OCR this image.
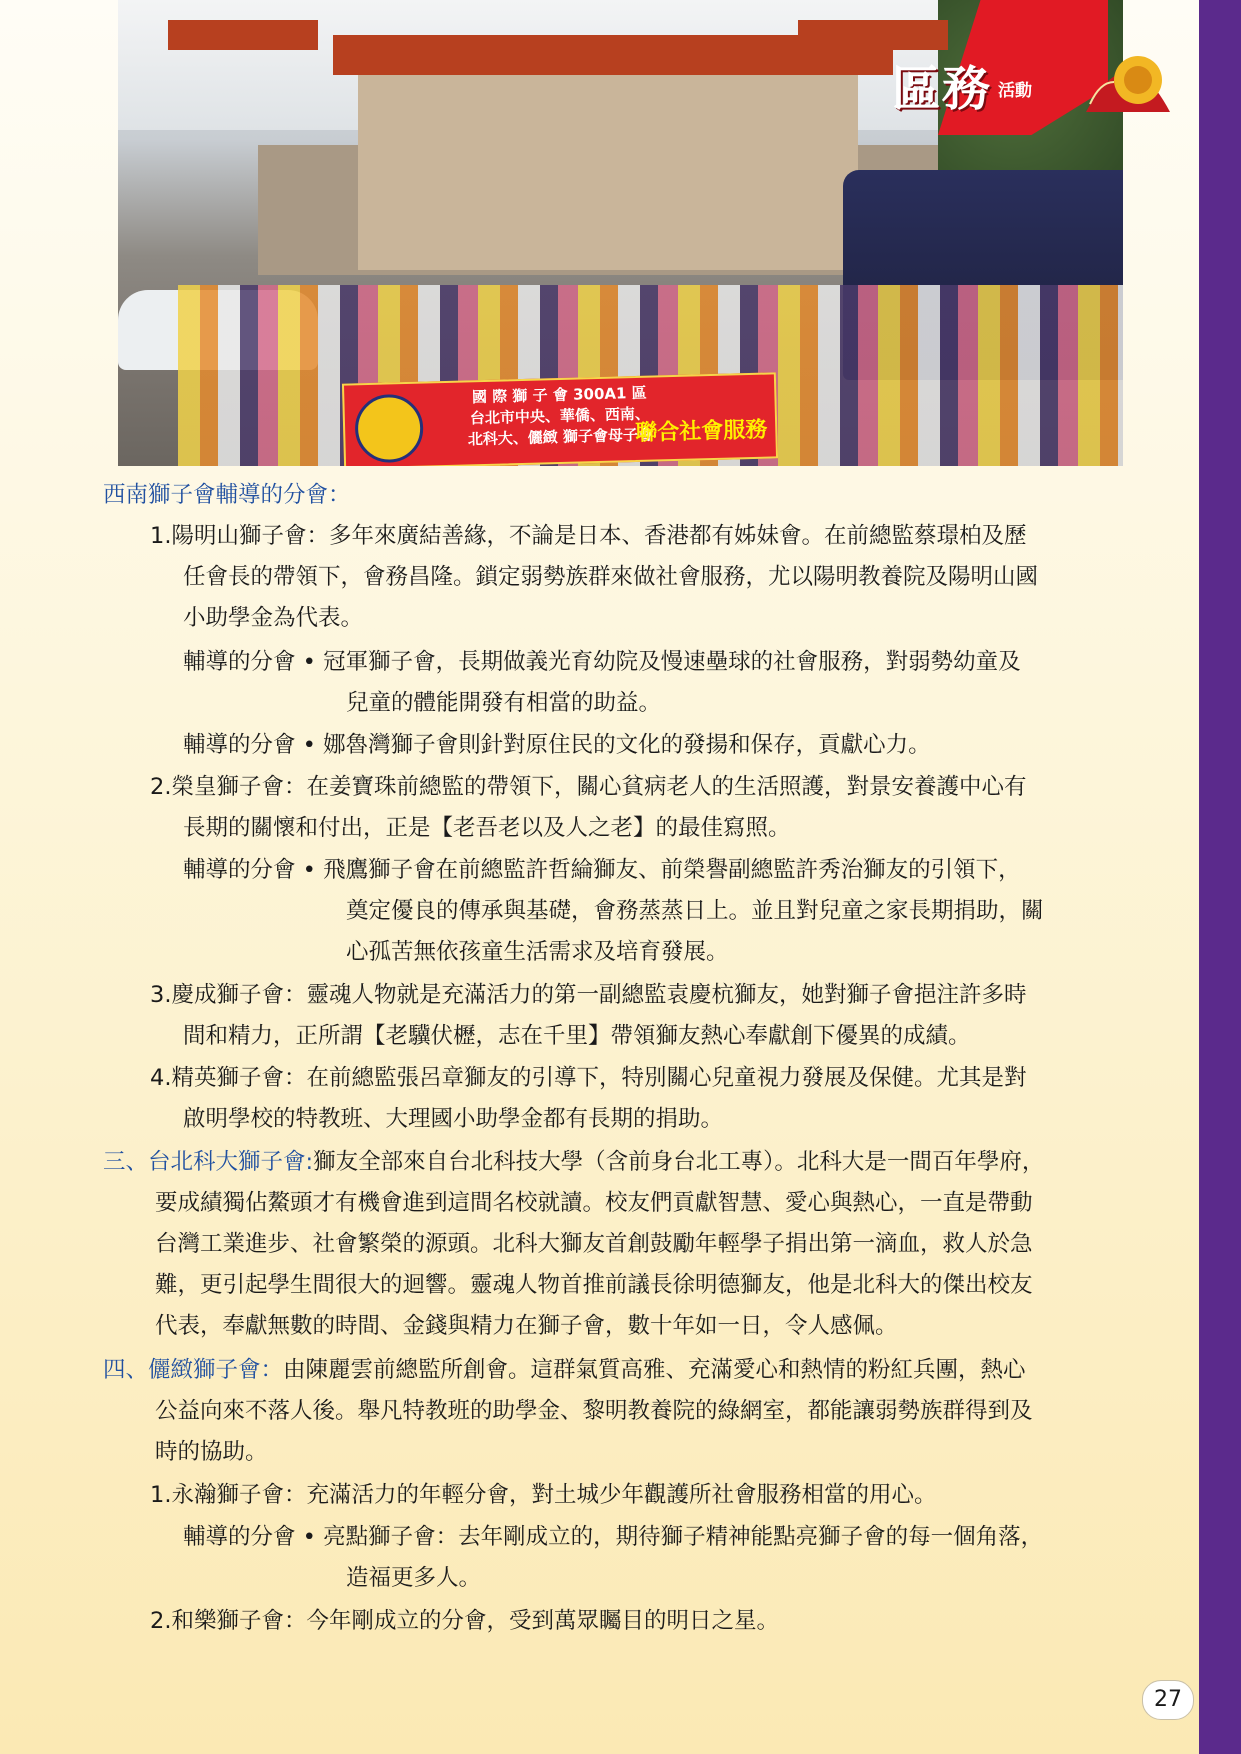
國 際 獅 子 會 300A1 區
台北市中央、華僑、西南、
北科大、儷緻 獅子會母子會
聯合社會服務
區務 活動
西南獅子會輔導的分會：
1.陽明山獅子會：多年來廣結善緣，不論是日本、香港都有姊妹會。在前總監蔡璟柏及歷
任會長的帶領下，會務昌隆。鎖定弱勢族群來做社會服務，尤以陽明教養院及陽明山國
小助學金為代表。
輔導的分會 • 冠軍獅子會，長期做義光育幼院及慢速壘球的社會服務，對弱勢幼童及
兒童的體能開發有相當的助益。
輔導的分會 • 娜魯灣獅子會則針對原住民的文化的發揚和保存，貢獻心力。
2.榮皇獅子會：在姜寶珠前總監的帶領下，關心貧病老人的生活照護，對景安養護中心有
長期的關懷和付出，正是【老吾老以及人之老】的最佳寫照。
輔導的分會 • 飛鷹獅子會在前總監許哲綸獅友、前榮譽副總監許秀治獅友的引領下，
奠定優良的傳承與基礎，會務蒸蒸日上。並且對兒童之家長期捐助，關
心孤苦無依孩童生活需求及培育發展。
3.慶成獅子會：靈魂人物就是充滿活力的第一副總監袁慶杭獅友，她對獅子會挹注許多時
間和精力，正所謂【老驥伏櫪，志在千里】帶領獅友熱心奉獻創下優異的成績。
4.精英獅子會：在前總監張呂章獅友的引導下，特別關心兒童視力發展及保健。尤其是對
啟明學校的特教班、大理國小助學金都有長期的捐助。
三、台北科大獅子會:獅友全部來自台北科技大學（含前身台北工專）。北科大是一間百年學府，
要成績獨佔鰲頭才有機會進到這間名校就讀。校友們貢獻智慧、愛心與熱心，一直是帶動
台灣工業進步、社會繁榮的源頭。北科大獅友首創鼓勵年輕學子捐出第一滴血，救人於急
難，更引起學生間很大的迴響。靈魂人物首推前議長徐明德獅友，他是北科大的傑出校友
代表，奉獻無數的時間、金錢與精力在獅子會，數十年如一日，令人感佩。
四、儷緻獅子會：由陳麗雲前總監所創會。這群氣質高雅、充滿愛心和熱情的粉紅兵團，熱心
公益向來不落人後。舉凡特教班的助學金、黎明教養院的綠網室，都能讓弱勢族群得到及
時的協助。
1.永瀚獅子會：充滿活力的年輕分會，對土城少年觀護所社會服務相當的用心。
輔導的分會 • 亮點獅子會：去年剛成立的，期待獅子精神能點亮獅子會的每一個角落，
造福更多人。
2.和樂獅子會：今年剛成立的分會，受到萬眾矚目的明日之星。
27
